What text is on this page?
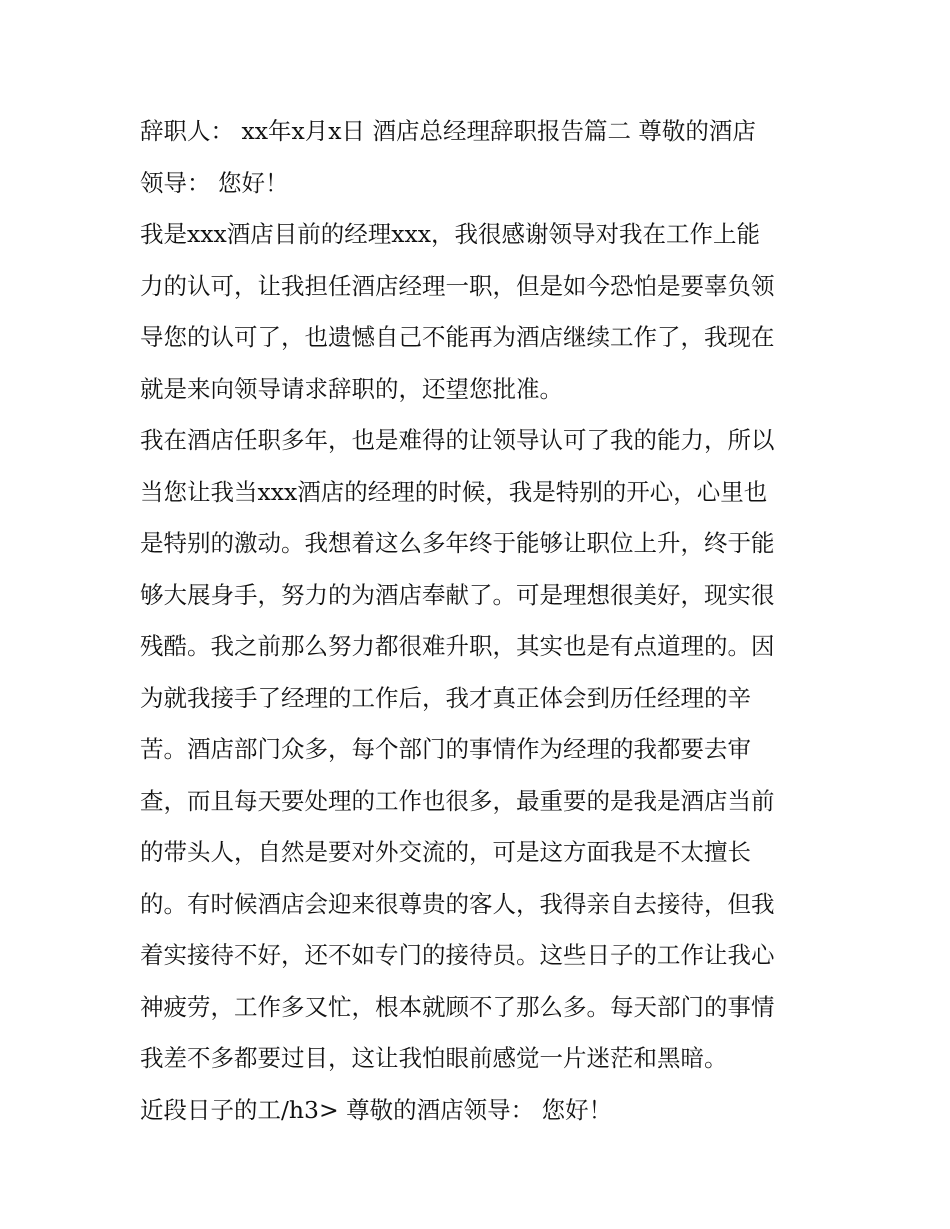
辞职人： xx年x月x日 酒店总经理辞职报告篇二 尊敬的酒店
领导： 您好！
我是xxx酒店目前的经理xxx，我很感谢领导对我在工作上能
力的认可，让我担任酒店经理一职，但是如今恐怕是要辜负领
导您的认可了，也遗憾自己不能再为酒店继续工作了，我现在
就是来向领导请求辞职的，还望您批准。
我在酒店任职多年，也是难得的让领导认可了我的能力，所以
当您让我当xxx酒店的经理的时候，我是特别的开心，心里也
是特别的激动。我想着这么多年终于能够让职位上升，终于能
够大展身手，努力的为酒店奉献了。可是理想很美好，现实很
残酷。我之前那么努力都很难升职，其实也是有点道理的。因
为就我接手了经理的工作后，我才真正体会到历任经理的辛
苦。酒店部门众多，每个部门的事情作为经理的我都要去审
查，而且每天要处理的工作也很多，最重要的是我是酒店当前
的带头人，自然是要对外交流的，可是这方面我是不太擅长
的。有时候酒店会迎来很尊贵的客人，我得亲自去接待，但我
着实接待不好，还不如专门的接待员。这些日子的工作让我心
神疲劳，工作多又忙，根本就顾不了那么多。每天部门的事情
我差不多都要过目，这让我怕眼前感觉一片迷茫和黑暗。
近段日子的工/h3> 尊敬的酒店领导： 您好！
